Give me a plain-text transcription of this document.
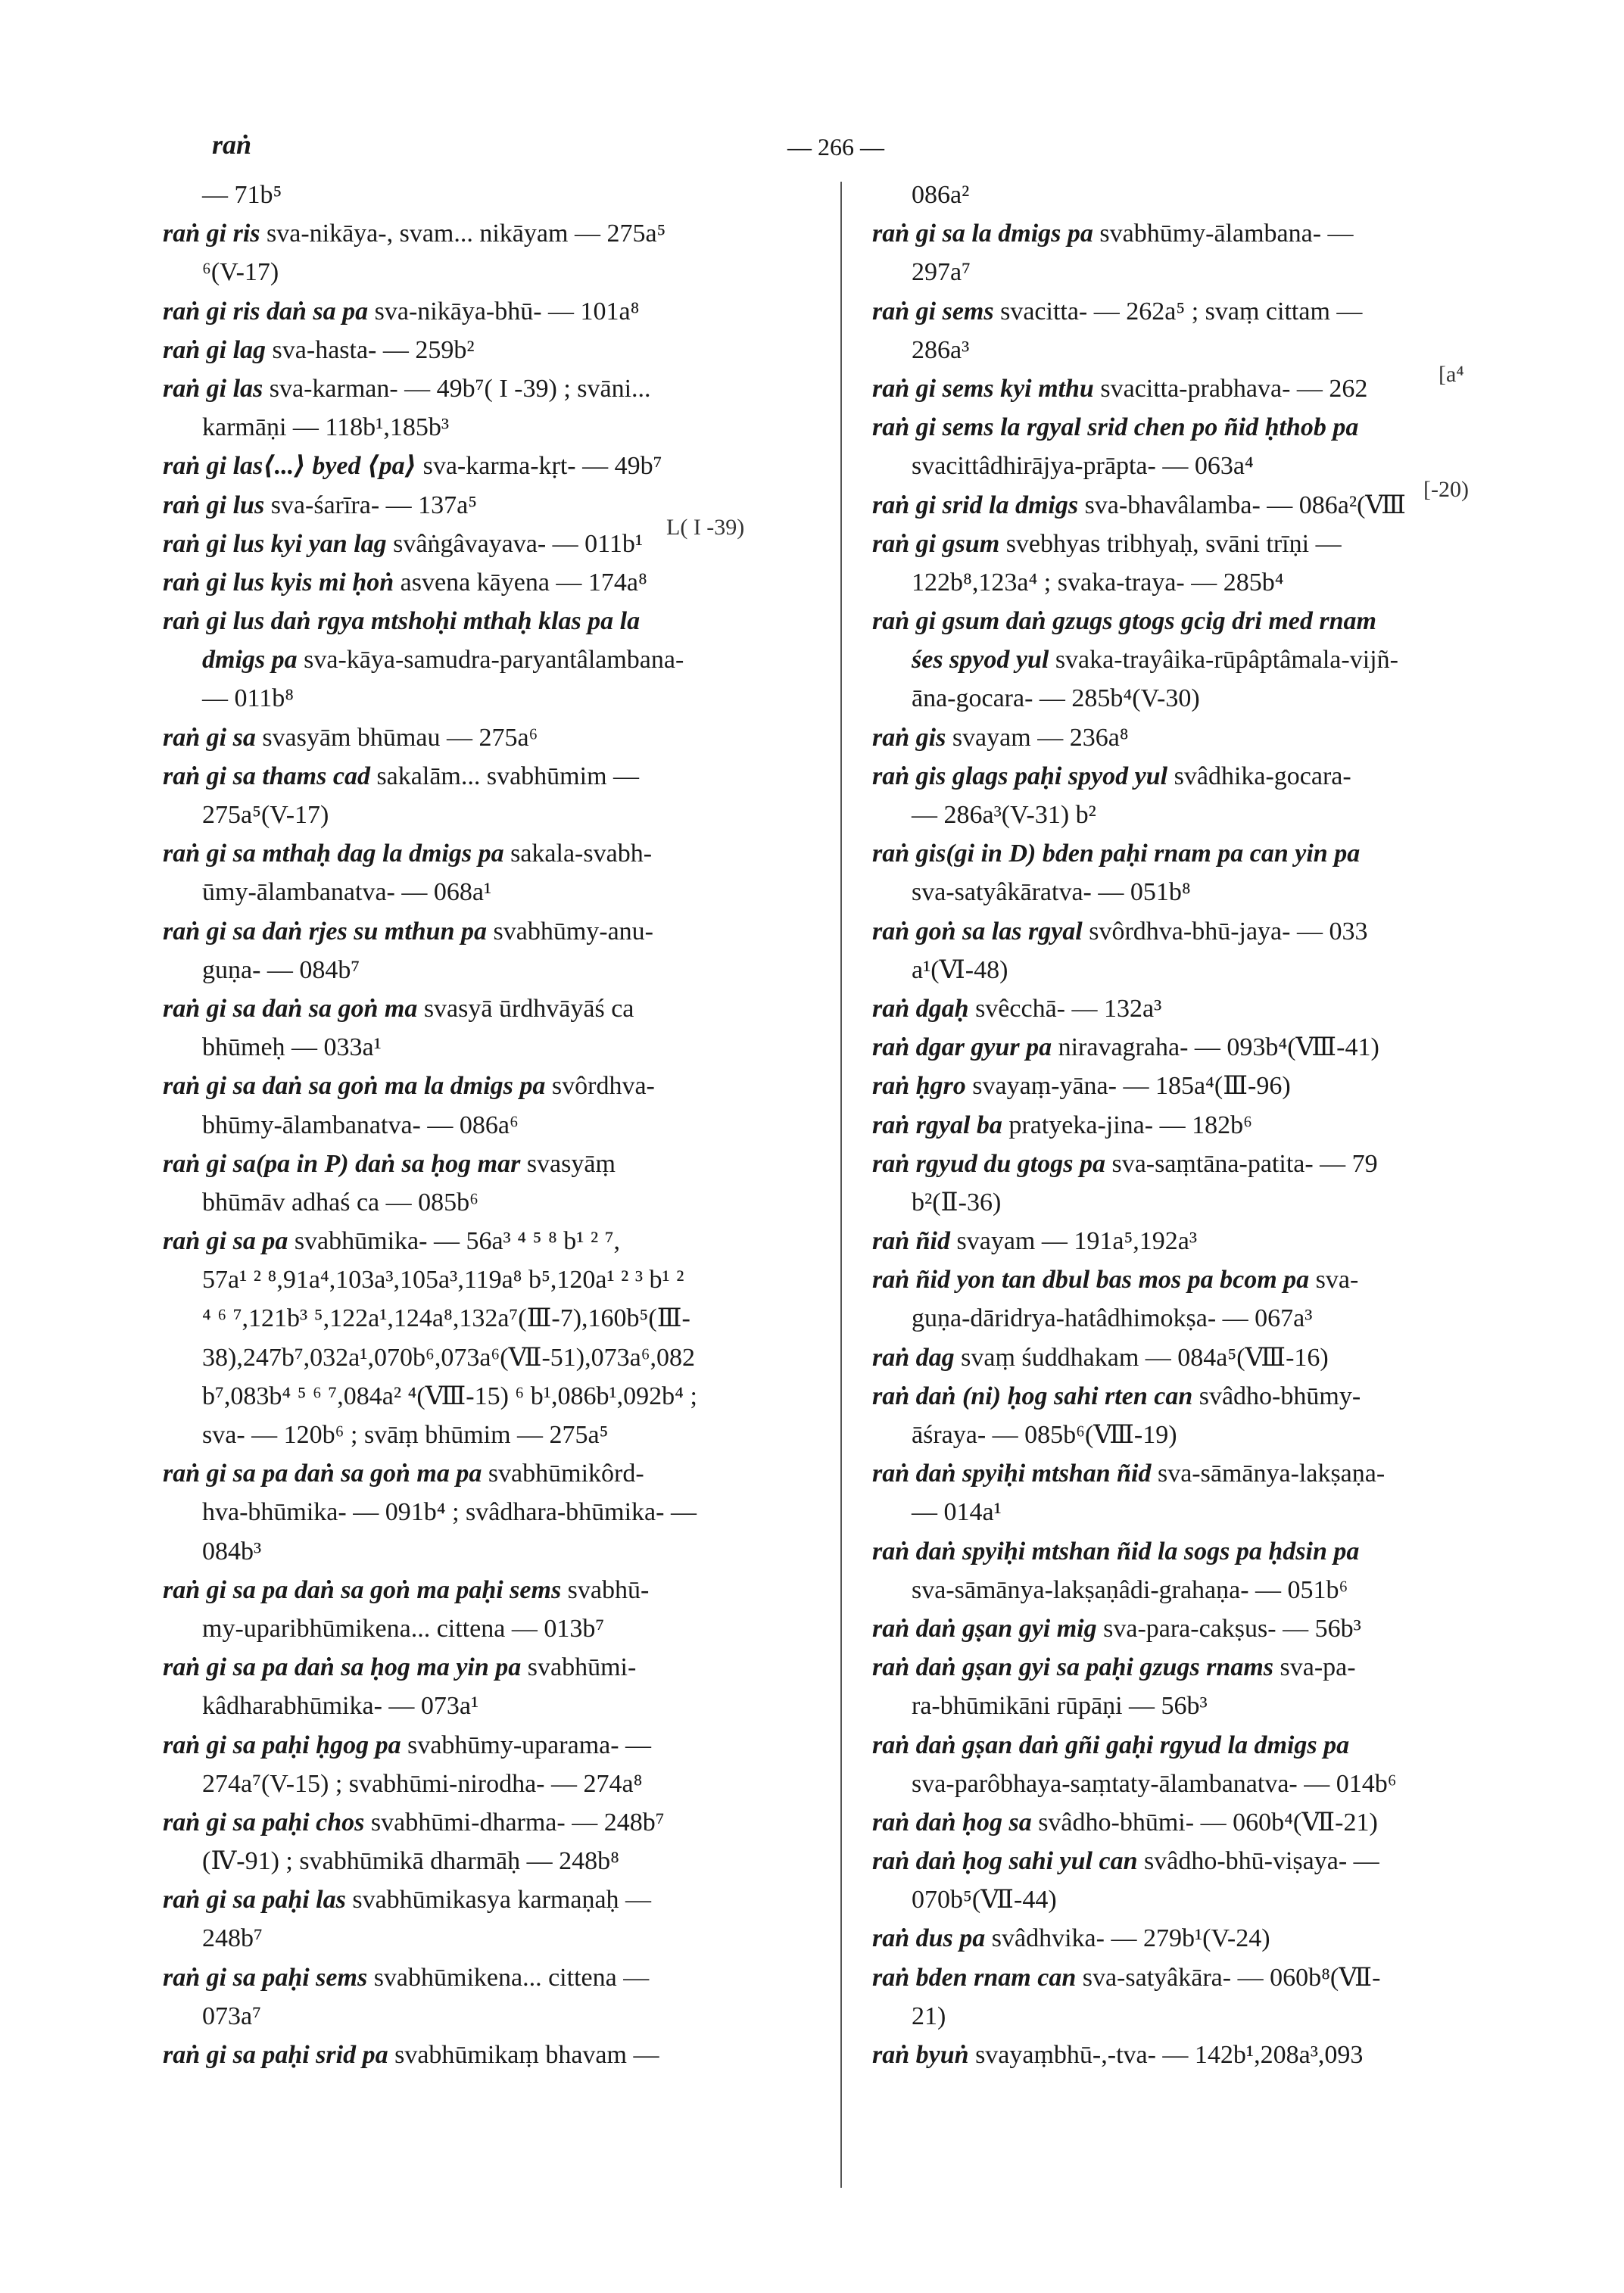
raṅ	— 266 —
— 71b⁵
raṅ gi ris sva-nikāya-, svam... nikāyam — 275a⁵
⁶(V-17)
raṅ gi ris daṅ sa pa sva-nikāya-bhū- — 101a⁸
raṅ gi lag sva-hasta- — 259b²
raṅ gi las sva-karman- — 49b⁷( I -39) ; svāni...
karmāṇi — 118b¹,185b³
raṅ gi las⟨...⟩ byed ⟨pa⟩ sva-karma-kṛt- — 49b⁷
raṅ gi lus sva-śarīra- — 137a⁵
raṅ gi lus kyi yan lag svâṅgâvayava- — 011b¹
raṅ gi lus kyis mi ḥoṅ asvena kāyena — 174a⁸
raṅ gi lus daṅ rgya mtshoḥi mthaḥ klas pa la
dmigs pa sva-kāya-samudra-paryantâlambana-
— 011b⁸
raṅ gi sa svasyām bhūmau — 275a⁶
raṅ gi sa thams cad sakalām... svabhūmim —
275a⁵(V-17)
raṅ gi sa mthaḥ dag la dmigs pa sakala-svabh-
ūmy-ālambanatva- — 068a¹
raṅ gi sa daṅ rjes su mthun pa svabhūmy-anu-
guṇa- — 084b⁷
raṅ gi sa daṅ sa goṅ ma svasyā ūrdhvāyāś ca
bhūmeḥ — 033a¹
raṅ gi sa daṅ sa goṅ ma la dmigs pa svôrdhva-
bhūmy-ālambanatva- — 086a⁶
raṅ gi sa(pa in P) daṅ sa ḥog mar svasyāṃ
bhūmāv adhaś ca — 085b⁶
raṅ gi sa pa svabhūmika- — 56a³ ⁴ ⁵ ⁸ b¹ ² ⁷,
57a¹ ² ⁸,91a⁴,103a³,105a³,119a⁸ b⁵,120a¹ ² ³ b¹ ²
⁴ ⁶ ⁷,121b³ ⁵,122a¹,124a⁸,132a⁷(Ⅲ-7),160b⁵(Ⅲ-
38),247b⁷,032a¹,070b⁶,073a⁶(Ⅶ-51),073a⁶,082
b⁷,083b⁴ ⁵ ⁶ ⁷,084a² ⁴(Ⅷ-15) ⁶ b¹,086b¹,092b⁴ ;
sva- — 120b⁶ ; svāṃ bhūmim — 275a⁵
raṅ gi sa pa daṅ sa goṅ ma pa svabhūmikôrd-
hva-bhūmika- — 091b⁴ ; svâdhara-bhūmika- —
084b³
raṅ gi sa pa daṅ sa goṅ ma paḥi sems svabhū-
my-uparibhūmikena... cittena — 013b⁷
raṅ gi sa pa daṅ sa ḥog ma yin pa svabhūmi-
kâdharabhūmika- — 073a¹
raṅ gi sa paḥi ḥgog pa svabhūmy-uparama- —
274a⁷(V-15) ; svabhūmi-nirodha- — 274a⁸
raṅ gi sa paḥi chos svabhūmi-dharma- — 248b⁷
(Ⅳ-91) ; svabhūmikā dharmāḥ — 248b⁸
raṅ gi sa paḥi las svabhūmikasya karmaṇaḥ —
248b⁷
raṅ gi sa paḥi sems svabhūmikena... cittena —
073a⁷
raṅ gi sa paḥi srid pa svabhūmikaṃ bhavam —
086a²
raṅ gi sa la dmigs pa svabhūmy-ālambana- —
297a⁷
raṅ gi sems svacitta- — 262a⁵ ; svaṃ cittam —
286a³
raṅ gi sems kyi mthu svacitta-prabhava- — 262
raṅ gi sems la rgyal srid chen po ñid ḥthob pa
svacittâdhirājya-prāpta- — 063a⁴
raṅ gi srid la dmigs sva-bhavâlamba- — 086a²(Ⅷ
raṅ gi gsum svebhyas tribhyaḥ, svāni trīṇi —
122b⁸,123a⁴ ; svaka-traya- — 285b⁴
raṅ gi gsum daṅ gzugs gtogs gcig dri med rnam
śes spyod yul svaka-trayâika-rūpâptâmala-vijñ-
āna-gocara- — 285b⁴(V-30)
raṅ gis svayam — 236a⁸
raṅ gis glags paḥi spyod yul svâdhika-gocara-
— 286a³(V-31) b²
raṅ gis(gi in D) bden paḥi rnam pa can yin pa
sva-satyâkāratva- — 051b⁸
raṅ goṅ sa las rgyal svôrdhva-bhū-jaya- — 033
a¹(Ⅵ-48)
raṅ dgaḥ svêcchā- — 132a³
raṅ dgar gyur pa niravagraha- — 093b⁴(Ⅷ-41)
raṅ ḥgro svayaṃ-yāna- — 185a⁴(Ⅲ-96)
raṅ rgyal ba pratyeka-jina- — 182b⁶
raṅ rgyud du gtogs pa sva-saṃtāna-patita- — 79
b²(Ⅱ-36)
raṅ ñid svayam — 191a⁵,192a³
raṅ ñid yon tan dbul bas mos pa bcom pa sva-
guṇa-dāridrya-hatâdhimokṣa- — 067a³
raṅ dag svaṃ śuddhakam — 084a⁵(Ⅷ-16)
raṅ daṅ (ni) ḥog sahi rten can svâdho-bhūmy-
āśraya- — 085b⁶(Ⅷ-19)
raṅ daṅ spyiḥi mtshan ñid sva-sāmānya-lakṣaṇa-
— 014a¹
raṅ daṅ spyiḥi mtshan ñid la sogs pa ḥdsin pa
sva-sāmānya-lakṣaṇâdi-grahaṇa- — 051b⁶
raṅ daṅ gṣan gyi mig sva-para-cakṣus- — 56b³
raṅ daṅ gṣan gyi sa paḥi gzugs rnams sva-pa-
ra-bhūmikāni rūpāṇi — 56b³
raṅ daṅ gṣan daṅ gñi gaḥi rgyud la dmigs pa
sva-parôbhaya-saṃtaty-ālambanatva- — 014b⁶
raṅ daṅ ḥog sa svâdho-bhūmi- — 060b⁴(Ⅶ-21)
raṅ daṅ ḥog sahi yul can svâdho-bhū-viṣaya- —
070b⁵(Ⅶ-44)
raṅ dus pa svâdhvika- — 279b¹(V-24)
raṅ bden rnam can sva-satyâkāra- — 060b⁸(Ⅶ-
21)
raṅ byuṅ svayaṃbhū-,-tva- — 142b¹,208a³,093
[a⁴
[-20)
L( I -39)
